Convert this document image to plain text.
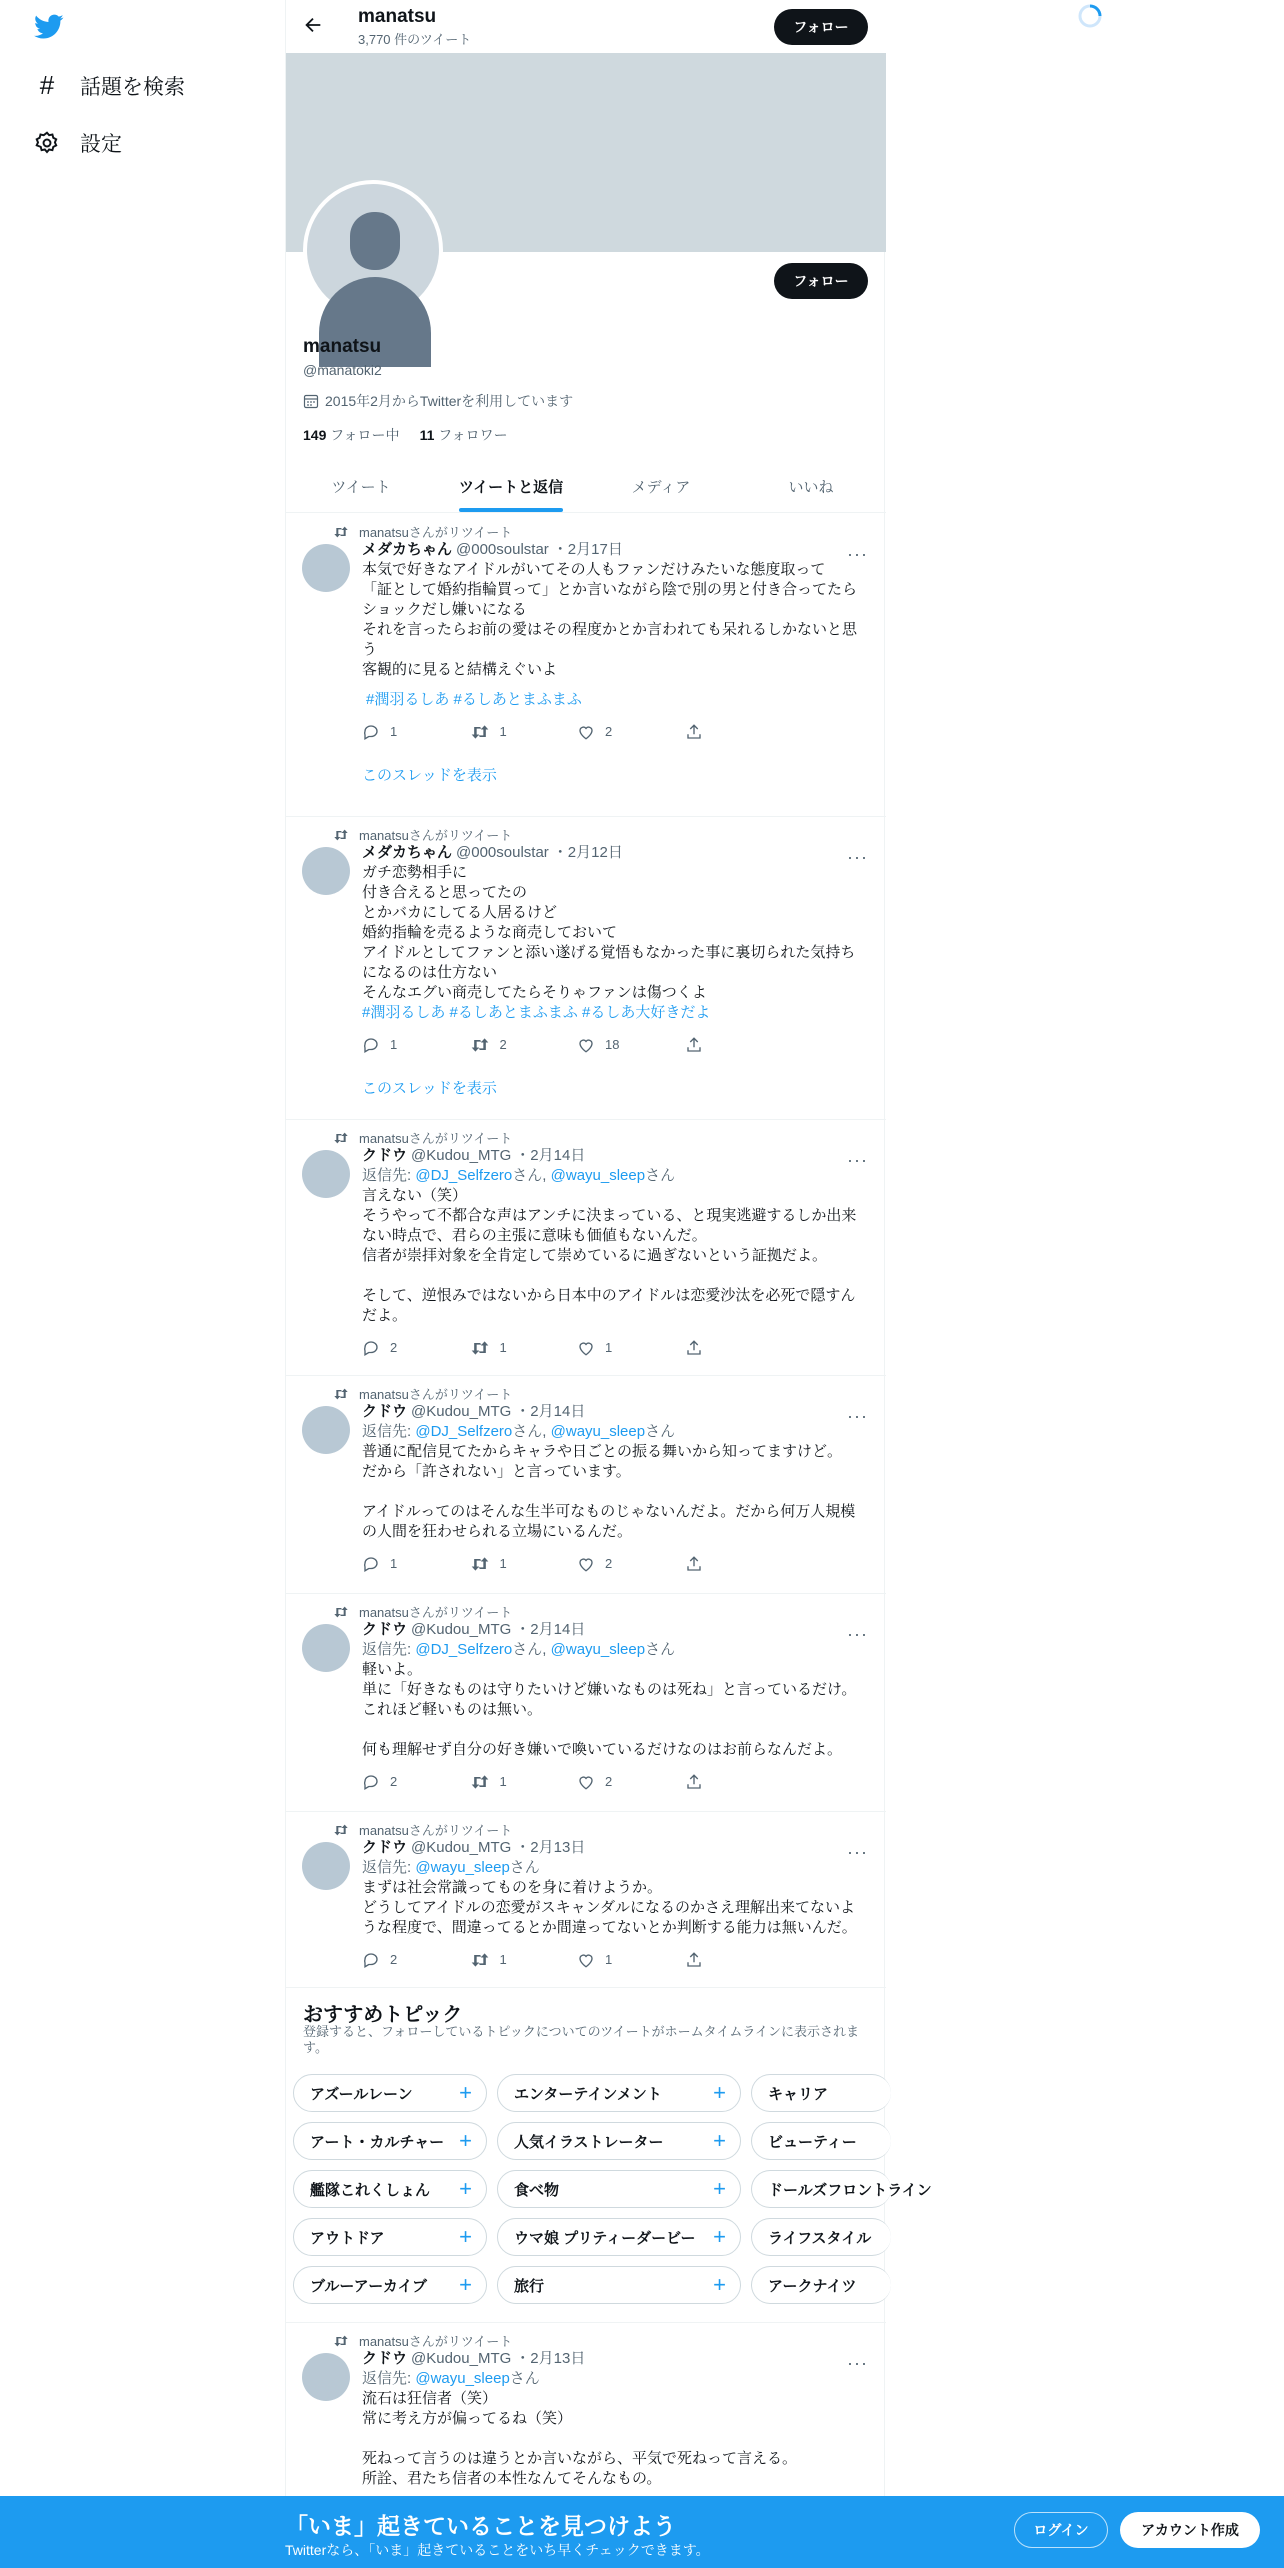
# 話題を検索
設定
manatsu
3,770 件のツイート
フォロー
フォロー
manatsu
@manatoki2
2015年2月からTwitterを利用しています
149 フォロー中 11 フォロワー
ツイート	ツイートと返信	メディア	いいね
manatsuさんがリツイート
···
メダカちゃん @000soulstar ・2月17日
本気で好きなアイドルがいてその人もファンだけみたいな態度取って
「証として婚約指輪買って」とか言いながら陰で別の男と付き合ってたら
ショックだし嫌いになる
それを言ったらお前の愛はその程度かとか言われても呆れるしかないと思
う
客観的に見ると結構えぐいよ

#潤羽るしあ #るしあとまふまふ
1	1	2
このスレッドを表示
manatsuさんがリツイート
···
メダカちゃん @000soulstar ・2月12日
ガチ恋勢相手に
付き合えると思ってたの
とかバカにしてる人居るけど
婚約指輪を売るような商売しておいて
アイドルとしてファンと添い遂げる覚悟もなかった事に裏切られた気持ち
になるのは仕方ない
そんなエグい商売してたらそりゃファンは傷つくよ
#潤羽るしあ #るしあとまふまふ #るしあ大好きだよ
1	2	18
このスレッドを表示
manatsuさんがリツイート
···
クドウ @Kudou_MTG ・2月14日
返信先: @DJ_Selfzeroさん, @wayu_sleepさん
言えない（笑）
そうやって不都合な声はアンチに決まっている、と現実逃避するしか出来
ない時点で、君らの主張に意味も価値もないんだ。
信者が崇拝対象を全肯定して崇めているに過ぎないという証拠だよ。

そして、逆恨みではないから日本中のアイドルは恋愛沙汰を必死で隠すん
だよ。
2	1	1
manatsuさんがリツイート
···
クドウ @Kudou_MTG ・2月14日
返信先: @DJ_Selfzeroさん, @wayu_sleepさん
普通に配信見てたからキャラや日ごとの振る舞いから知ってますけど。
だから「許されない」と言っています。

アイドルってのはそんな生半可なものじゃないんだよ。だから何万人規模
の人間を狂わせられる立場にいるんだ。
1	1	2
manatsuさんがリツイート
···
クドウ @Kudou_MTG ・2月14日
返信先: @DJ_Selfzeroさん, @wayu_sleepさん
軽いよ。
単に「好きなものは守りたいけど嫌いなものは死ね」と言っているだけ。
これほど軽いものは無い。

何も理解せず自分の好き嫌いで喚いているだけなのはお前らなんだよ。
2	1	2
manatsuさんがリツイート
···
クドウ @Kudou_MTG ・2月13日
返信先: @wayu_sleepさん
まずは社会常識ってものを身に着けようか。
どうしてアイドルの恋愛がスキャンダルになるのかさえ理解出来てないよ
うな程度で、間違ってるとか間違ってないとか判断する能力は無いんだ。
2	1	1
おすすめトピック
登録すると、フォローしているトピックについてのツイートがホームタイムラインに表示されます。
アズールレーン +	エンターテインメント +	キャリア
アート・カルチャー +	人気イラストレーター +	ビューティー
艦隊これくしょん +	食べ物	+	ドールズフロントライン
アウトドア	+	ウマ娘 プリティーダービー +	ライフスタイル
ブルーアーカイブ +	旅行	+	アークナイツ
manatsuさんがリツイート
···
クドウ @Kudou_MTG ・2月13日
返信先: @wayu_sleepさん
流石は狂信者（笑）
常に考え方が偏ってるね（笑）

死ねって言うのは違うとか言いながら、平気で死ねって言える。
所詮、君たち信者の本性なんてそんなもの。
「いま」起きていることを見つけよう
Twitterなら、「いま」起きていることをいち早くチェックできます。
ログイン	アカウント作成
